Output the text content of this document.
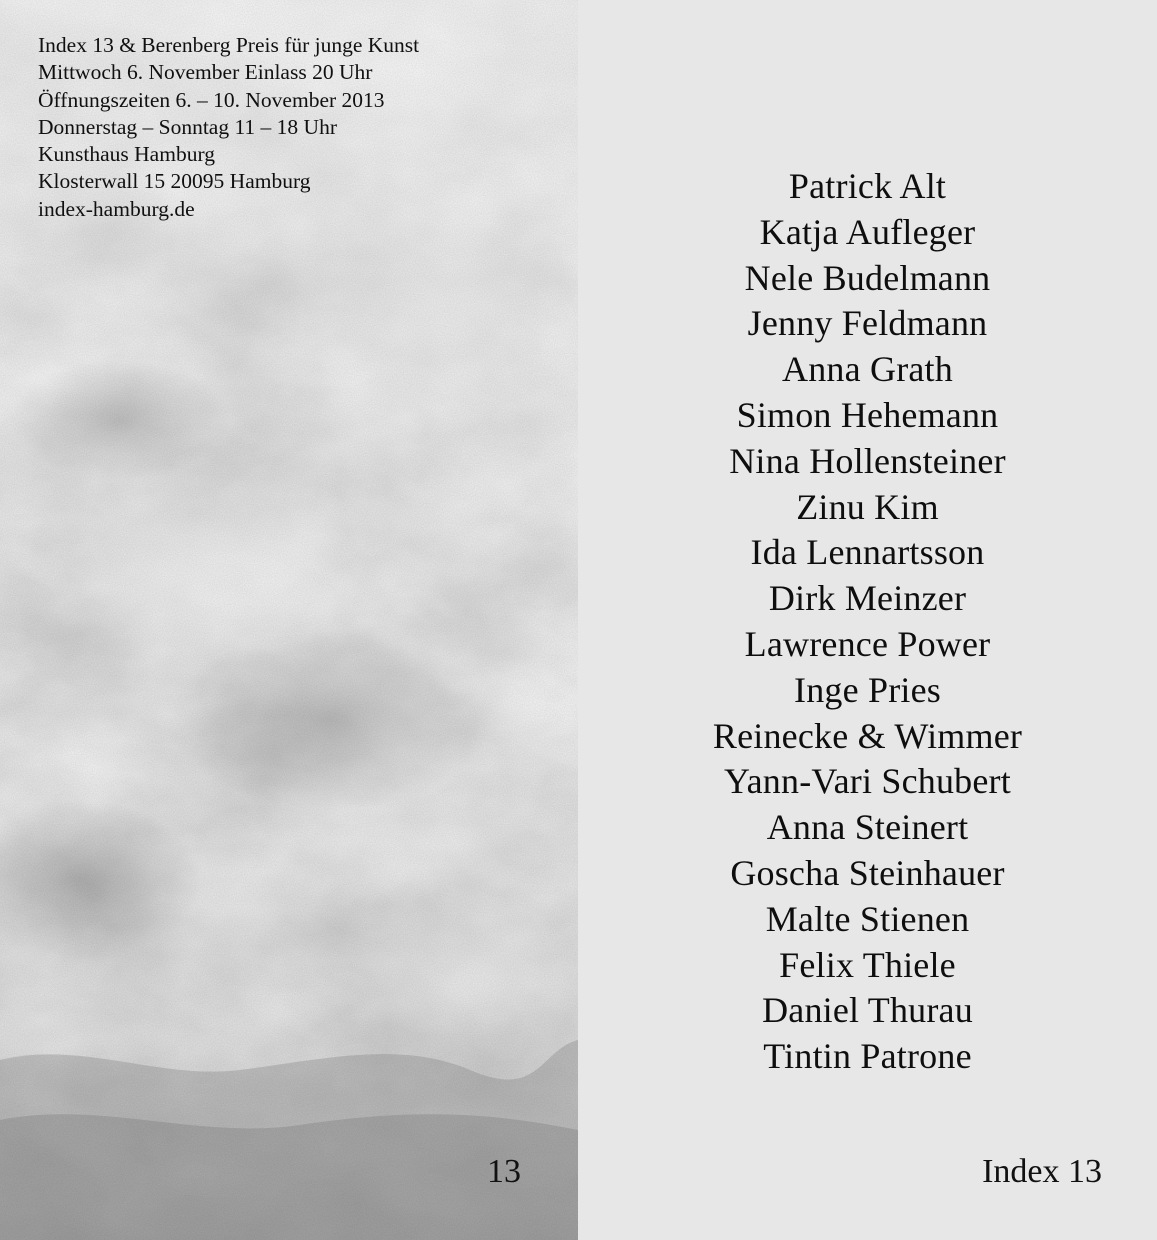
Index 13 & Berenberg Preis für junge Kunst
Mittwoch 6. November Einlass 20 Uhr
Öffnungszeiten 6. – 10. November 2013
Donnerstag – Sonntag 11 – 18 Uhr
Kunsthaus Hamburg
Klosterwall 15 20095 Hamburg
index-hamburg.de
13
Patrick Alt
Katja Aufleger
Nele Budelmann
Jenny Feldmann
Anna Grath
Simon Hehemann
Nina Hollensteiner
Zinu Kim
Ida Lennartsson
Dirk Meinzer
Lawrence Power
Inge Pries
Reinecke & Wimmer
Yann-Vari Schubert
Anna Steinert
Goscha Steinhauer
Malte Stienen
Felix Thiele
Daniel Thurau
Tintin Patrone
Index 13
